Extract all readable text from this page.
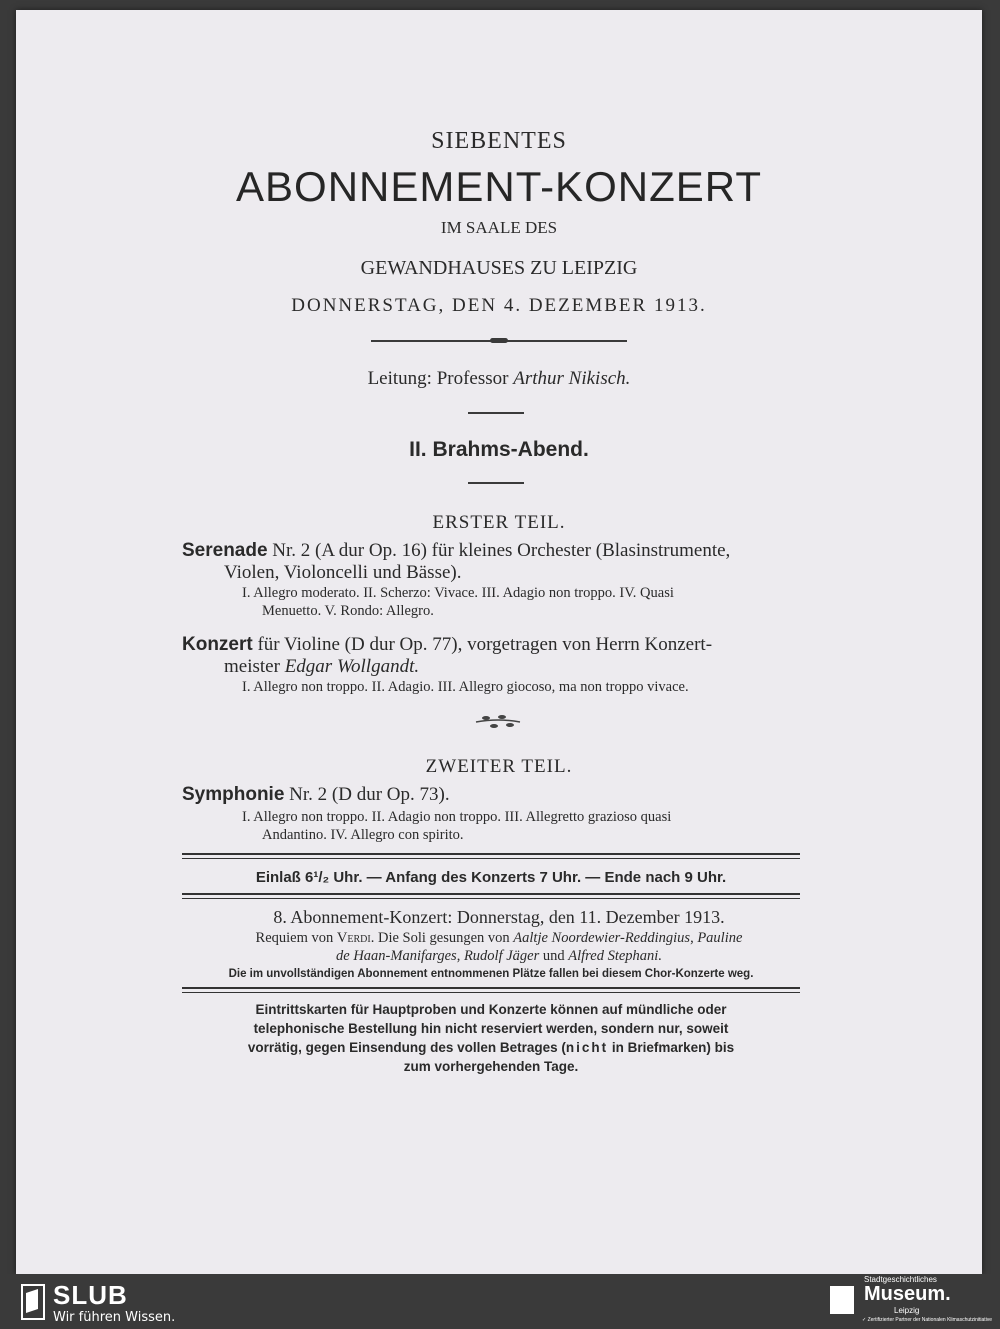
SIEBENTES
ABONNEMENT-KONZERT
IM SAALE DES
GEWANDHAUSES ZU LEIPZIG
DONNERSTAG, DEN 4. DEZEMBER 1913.
Leitung: Professor Arthur Nikisch.
II. Brahms-Abend.
ERSTER TEIL.
Serenade Nr. 2 (A dur Op. 16) für kleines Orchester (Blasinstrumente,
Violen, Violoncelli und Bässe).
I. Allegro moderato. II. Scherzo: Vivace. III. Adagio non troppo. IV. Quasi
Menuetto. V. Rondo: Allegro.
Konzert für Violine (D dur Op. 77), vorgetragen von Herrn Konzert-
meister Edgar Wollgandt.
I. Allegro non troppo. II. Adagio. III. Allegro giocoso, ma non troppo vivace.
ZWEITER TEIL.
Symphonie Nr. 2 (D dur Op. 73).
I. Allegro non troppo. II. Adagio non troppo. III. Allegretto grazioso quasi
Andantino. IV. Allegro con spirito.
Einlaß 6¹/₂ Uhr. — Anfang des Konzerts 7 Uhr. — Ende nach 9 Uhr.
8. Abonnement-Konzert: Donnerstag, den 11. Dezember 1913.
Requiem von Verdi. Die Soli gesungen von Aaltje Noordewier-Reddingius, Pauline
de Haan-Manifarges, Rudolf Jäger und Alfred Stephani.
Die im unvollständigen Abonnement entnommenen Plätze fallen bei diesem Chor-Konzerte weg.
Eintrittskarten für Hauptproben und Konzerte können auf mündliche oder
telephonische Bestellung hin nicht reserviert werden, sondern nur, soweit
vorrätig, gegen Einsendung des vollen Betrages (nicht in Briefmarken) bis
zum vorhergehenden Tage.
SLUB
Wir führen Wissen.
Stadtgeschichtliches
Museum.
Leipzig
✓ Zertifizierter Partner der Nationalen Klimaschutzinitiative
